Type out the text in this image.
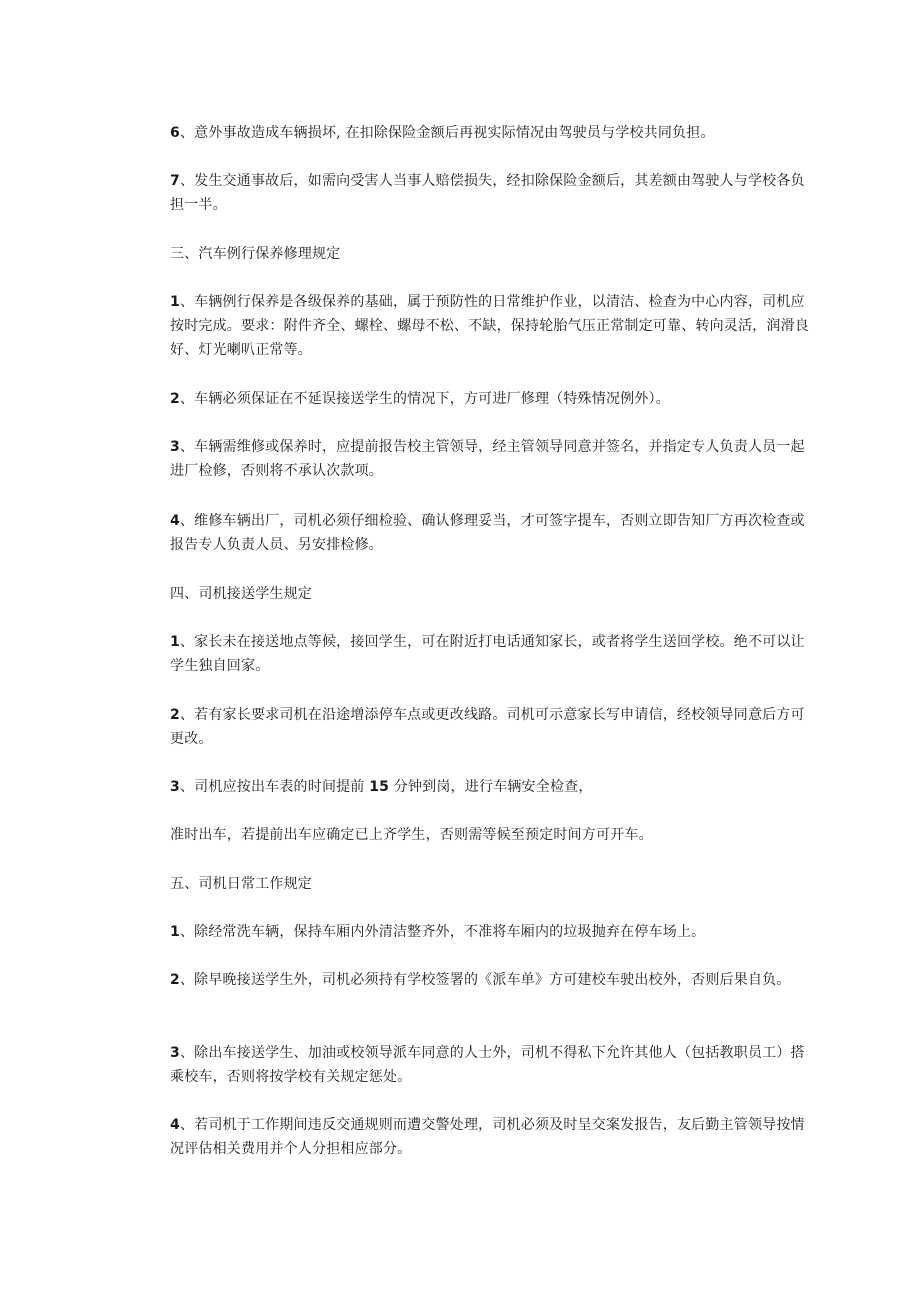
6、意外事故造成车辆损坏, 在扣除保险金额后再视实际情况由驾驶员与学校共同负担。

7、发生交通事故后，如需向受害人当事人赔偿损失，经扣除保险金额后，其差额由驾驶人与学校各负担一半。

三、汽车例行保养修理规定

1、车辆例行保养是各级保养的基础，属于预防性的日常维护作业，以清洁、检查为中心内容，司机应按时完成。要求：附件齐全、螺栓、螺母不松、不缺，保持轮胎气压正常制定可靠、转向灵活，润滑良好、灯光喇叭正常等。

2、车辆必须保证在不延误接送学生的情况下，方可进厂修理（特殊情况例外）。

3、车辆需维修或保养时，应提前报告校主管领导，经主管领导同意并签名，并指定专人负责人员一起进厂检修，否则将不承认次款项。

4、维修车辆出厂，司机必须仔细检验、确认修理妥当，才可签字提车，否则立即告知厂方再次检查或报告专人负责人员、另安排检修。

四、司机接送学生规定

1、家长未在接送地点等候，接回学生，可在附近打电话通知家长，或者将学生送回学校。绝不可以让学生独自回家。

2、若有家长要求司机在沿途增添停车点或更改线路。司机可示意家长写申请信，经校领导同意后方可更改。

3、司机应按出车表的时间提前 15 分钟到岗，进行车辆安全检查，

准时出车，若提前出车应确定已上齐学生，否则需等候至预定时间方可开车。

五、司机日常工作规定

1、除经常洗车辆，保持车厢内外清洁整齐外，不准将车厢内的垃圾抛弃在停车场上。

2、除早晚接送学生外，司机必须持有学校签署的《派车单》方可建校车驶出校外，否则后果自负。

3、除出车接送学生、加油或校领导派车同意的人士外，司机不得私下允许其他人（包括教职员工）搭乘校车，否则将按学校有关规定惩处。

4、若司机于工作期间违反交通规则而遭交警处理，司机必须及时呈交案发报告，友后勤主管领导按情况评估相关费用并个人分担相应部分。
